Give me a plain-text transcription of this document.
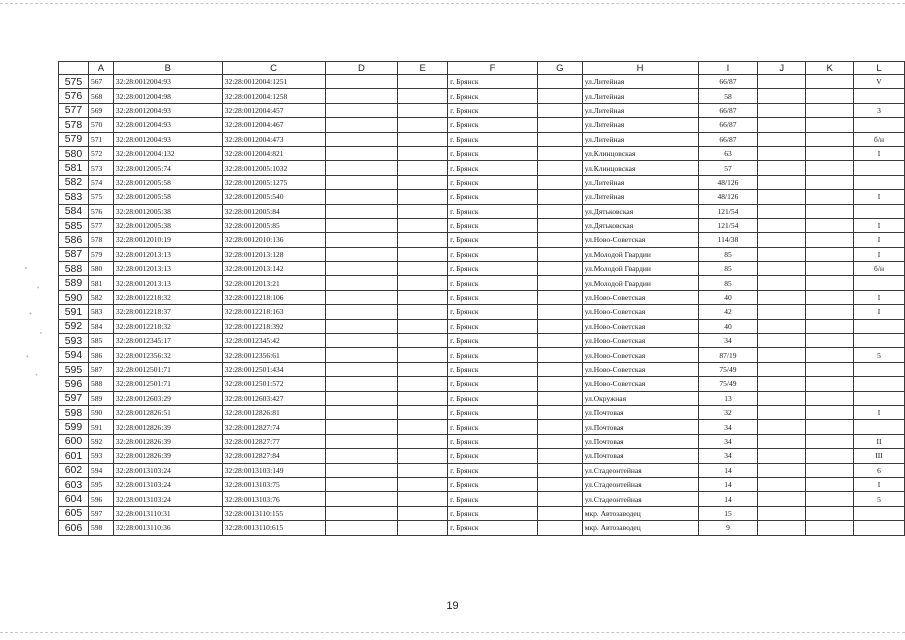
	A	B	C	D	E	F	G	H	I	J	K	L
575	567	32:28:0012004:93	32:28:0012004:1251			г. Брянск		ул.Литейная	66/87			V
576	568	32:28:0012004:98	32:28:0012004:1258			г. Брянск		ул.Литейная	58			
577	569	32:28:0012004:93	32:28:0012004:457			г. Брянск		ул.Литейная	66/87			3
578	570	32:28:0012004:93	32:28:0012004:467			г. Брянск		ул.Литейная	66/87			
579	571	32:28:0012004:93	32:28:0012004:473			г. Брянск		ул.Литейная	66/87			б/н
580	572	32:28:0012004:132	32:28:0012004:821			г. Брянск		ул.Клинцовская	63			I
581	573	32:28:0012005:74	32:28:0012005:1032			г. Брянск		ул.Клинцовская	57			
582	574	32:28:0012005:58	32:28:0012005:1275			г. Брянск		ул.Литейная	48/126			
583	575	32:28:0012005:58	32:28:0012005:540			г. Брянск		ул.Литейная	48/126			I
584	576	32:28:0012005:38	32:28:0012005:84			г. Брянск		ул.Дятьковская	121/54			
585	577	32:28:0012005:38	32:28:0012005:85			г. Брянск		ул.Дятьковская	121/54			I
586	578	32:28:0012010:19	32:28:0012010:136			г. Брянск		ул.Ново-Советская	114/38			I
587	579	32:28:0012013:13	32:28:0012013:128			г. Брянск		ул.Молодой Гвардии	85			I
588	580	32:28:0012013:13	32:28:0012013:142			г. Брянск		ул.Молодой Гвардии	85			б/н
589	581	32:28:0012013:13	32:28:0012013:21			г. Брянск		ул.Молодой Гвардии	85			
590	582	32:28:0012218:32	32:28:0012218:106			г. Брянск		ул.Ново-Советская	40			I
591	583	32:28:0012218:37	32:28:0012218:163			г. Брянск		ул.Ново-Советская	42			I
592	584	32:28:0012218:32	32:28:0012218:392			г. Брянск		ул.Ново-Советская	40			
593	585	32:28:0012345:17	32:28:0012345:42			г. Брянск		ул.Ново-Советская	34			
594	586	32:28:0012356:32	32:28:0012356:61			г. Брянск		ул.Ново-Советская	87/19			5
595	587	32:28:0012501:71	32:28:0012501:434			г. Брянск		ул.Ново-Советская	75/49			
596	588	32:28:0012501:71	32:28:0012501:572			г. Брянск		ул.Ново-Советская	75/49			
597	589	32:28:0012603:29	32:28:0012603:427			г. Брянск		ул.Окружная	13			
598	590	32:28:0012826:51	32:28:0012826:81			г. Брянск		ул.Почтовая	32			I
599	591	32:28:0012826:39	32:28:0012827:74			г. Брянск		ул.Почтовая	34			
600	592	32:28:0012826:39	32:28:0012827:77			г. Брянск		ул.Почтовая	34			II
601	593	32:28:0012826:39	32:28:0012827:84			г. Брянск		ул.Почтовая	34			III
602	594	32:28:0013103:24	32:28:0013103:149			г. Брянск		ул.Стадеонтейная	14			6
603	595	32:28:0013103:24	32:28:0013103:75			г. Брянск		ул.Стадеонтейная	14			I
604	596	32:28:0013103:24	32:28:0013103:76			г. Брянск		ул.Стадеонтейная	14			5
605	597	32:28:0013110:31	32:28:0013110:155			г. Брянск		мкр. Автозаводец	15			
606	598	32:28:0013110:36	32:28:0013110:615			г. Брянск		мкр. Автозаводец	9			
19
